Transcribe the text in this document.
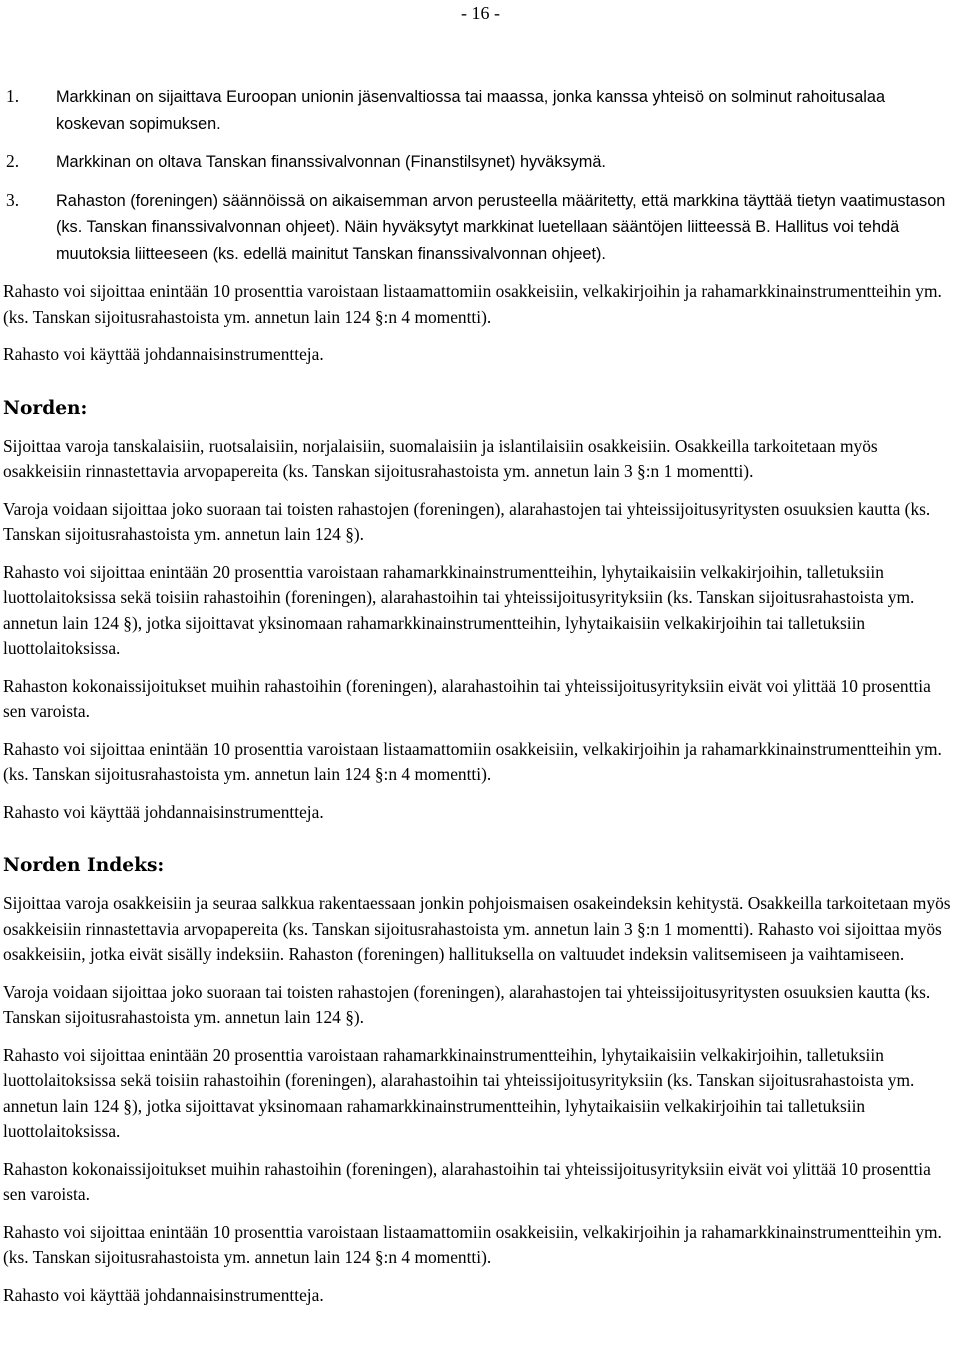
- 16 -
1. Markkinan on sijaittava Euroopan unionin jäsenvaltiossa tai maassa, jonka kanssa yhteisö on solminut rahoitusalaa koskevan sopimuksen.
2. Markkinan on oltava Tanskan finanssivalvonnan (Finanstilsynet) hyväksymä.
3. Rahaston (foreningen) säännöissä on aikaisemman arvon perusteella määritetty, että markkina täyttää tietyn vaatimustason (ks. Tanskan finanssivalvonnan ohjeet). Näin hyväksytyt markkinat luetellaan sääntöjen liitteessä B. Hallitus voi tehdä muutoksia liitteeseen (ks. edellä mainitut Tanskan finanssivalvonnan ohjeet).

Rahasto voi sijoittaa enintään 10 prosenttia varoistaan listaamattomiin osakkeisiin, velkakirjoihin ja rahamarkkinainstrumentteihin ym. (ks. Tanskan sijoitusrahastoista ym. annetun lain 124 §:n 4 momentti).

Rahasto voi käyttää johdannaisinstrumentteja.

Norden:

Sijoittaa varoja tanskalaisiin, ruotsalaisiin, norjalaisiin, suomalaisiin ja islantilaisiin osakkeisiin. Osakkeilla tarkoitetaan myös osakkeisiin rinnastettavia arvopapereita (ks. Tanskan sijoitusrahastoista ym. annetun lain 3 §:n 1 momentti).

Varoja voidaan sijoittaa joko suoraan tai toisten rahastojen (foreningen), alarahastojen tai yhteissijoitusyritysten osuuksien kautta (ks. Tanskan sijoitusrahastoista ym. annetun lain 124 §).

Rahasto voi sijoittaa enintään 20 prosenttia varoistaan rahamarkkinainstrumentteihin, lyhytaikaisiin velkakirjoihin, talletuksiin luottolaitoksissa sekä toisiin rahastoihin (foreningen), alarahastoihin tai yhteissijoitusyrityksiin (ks. Tanskan sijoitusrahastoista ym. annetun lain 124 §), jotka sijoittavat yksinomaan rahamarkkinainstrumentteihin, lyhytaikaisiin velkakirjoihin tai talletuksiin luottolaitoksissa.

Rahaston kokonaissijoitukset muihin rahastoihin (foreningen), alarahastoihin tai yhteissijoitusyrityksiin eivät voi ylittää 10 prosenttia sen varoista.

Rahasto voi sijoittaa enintään 10 prosenttia varoistaan listaamattomiin osakkeisiin, velkakirjoihin ja rahamarkkinainstrumentteihin ym. (ks. Tanskan sijoitusrahastoista ym. annetun lain 124 §:n 4 momentti).

Rahasto voi käyttää johdannaisinstrumentteja.

Norden Indeks:

Sijoittaa varoja osakkeisiin ja seuraa salkkua rakentaessaan jonkin pohjoismaisen osakeindeksin kehitystä. Osakkeilla tarkoitetaan myös osakkeisiin rinnastettavia arvopapereita (ks. Tanskan sijoitusrahastoista ym. annetun lain 3 §:n 1 momentti). Rahasto voi sijoittaa myös osakkeisiin, jotka eivät sisälly indeksiin. Rahaston (foreningen) hallituksella on valtuudet indeksin valitsemiseen ja vaihtamiseen.

Varoja voidaan sijoittaa joko suoraan tai toisten rahastojen (foreningen), alarahastojen tai yhteissijoitusyritysten osuuksien kautta (ks. Tanskan sijoitusrahastoista ym. annetun lain 124 §).

Rahasto voi sijoittaa enintään 20 prosenttia varoistaan rahamarkkinainstrumentteihin, lyhytaikaisiin velkakirjoihin, talletuksiin luottolaitoksissa sekä toisiin rahastoihin (foreningen), alarahastoihin tai yhteissijoitusyrityksiin (ks. Tanskan sijoitusrahastoista ym. annetun lain 124 §), jotka sijoittavat yksinomaan rahamarkkinainstrumentteihin, lyhytaikaisiin velkakirjoihin tai talletuksiin luottolaitoksissa.

Rahaston kokonaissijoitukset muihin rahastoihin (foreningen), alarahastoihin tai yhteissijoitusyrityksiin eivät voi ylittää 10 prosenttia sen varoista.

Rahasto voi sijoittaa enintään 10 prosenttia varoistaan listaamattomiin osakkeisiin, velkakirjoihin ja rahamarkkinainstrumentteihin ym. (ks. Tanskan sijoitusrahastoista ym. annetun lain 124 §:n 4 momentti).

Rahasto voi käyttää johdannaisinstrumentteja.
